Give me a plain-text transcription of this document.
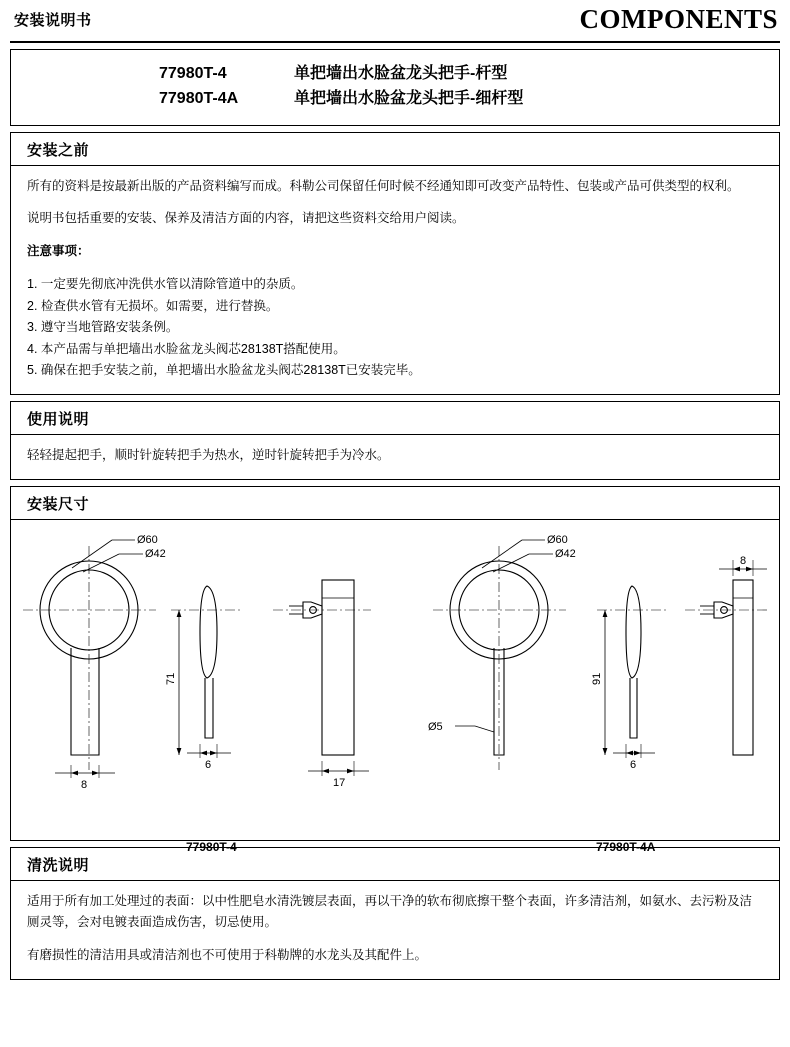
安装说明书	COMPONENTS
77980T-4	单把墙出水脸盆龙头把手-杆型
77980T-4A	单把墙出水脸盆龙头把手-细杆型
安装之前

所有的资料是按最新出版的产品资料编写而成。科勒公司保留任何时候不经通知即可改变产品特性、包装或产品可供类型的权利。

说明书包括重要的安装、保养及清洁方面的内容，请把这些资料交给用户阅读。

注意事项：

1. 一定要先彻底冲洗供水管以清除管道中的杂质。
2. 检查供水管有无损坏。如需要，进行替换。
3. 遵守当地管路安装条例。
4. 本产品需与单把墙出水脸盆龙头阀芯28138T搭配使用。
5. 确保在把手安装之前，单把墙出水脸盆龙头阀芯28138T已安装完毕。
使用说明

轻轻提起把手，顺时针旋转把手为热水，逆时针旋转把手为冷水。

安装尺寸
Ø60
Ø42
8
6
17
71
Ø60
Ø42
Ø5
91
6
8
77980T-4	77980T-4A
清洗说明

适用于所有加工处理过的表面：以中性肥皂水清洗镀层表面，再以干净的软布彻底擦干整个表面，许多清洁剂，如氨水、去污粉及洁厕灵等，会对电镀表面造成伤害，切忌使用。

有磨损性的清洁用具或清洁剂也不可使用于科勒牌的水龙头及其配件上。
